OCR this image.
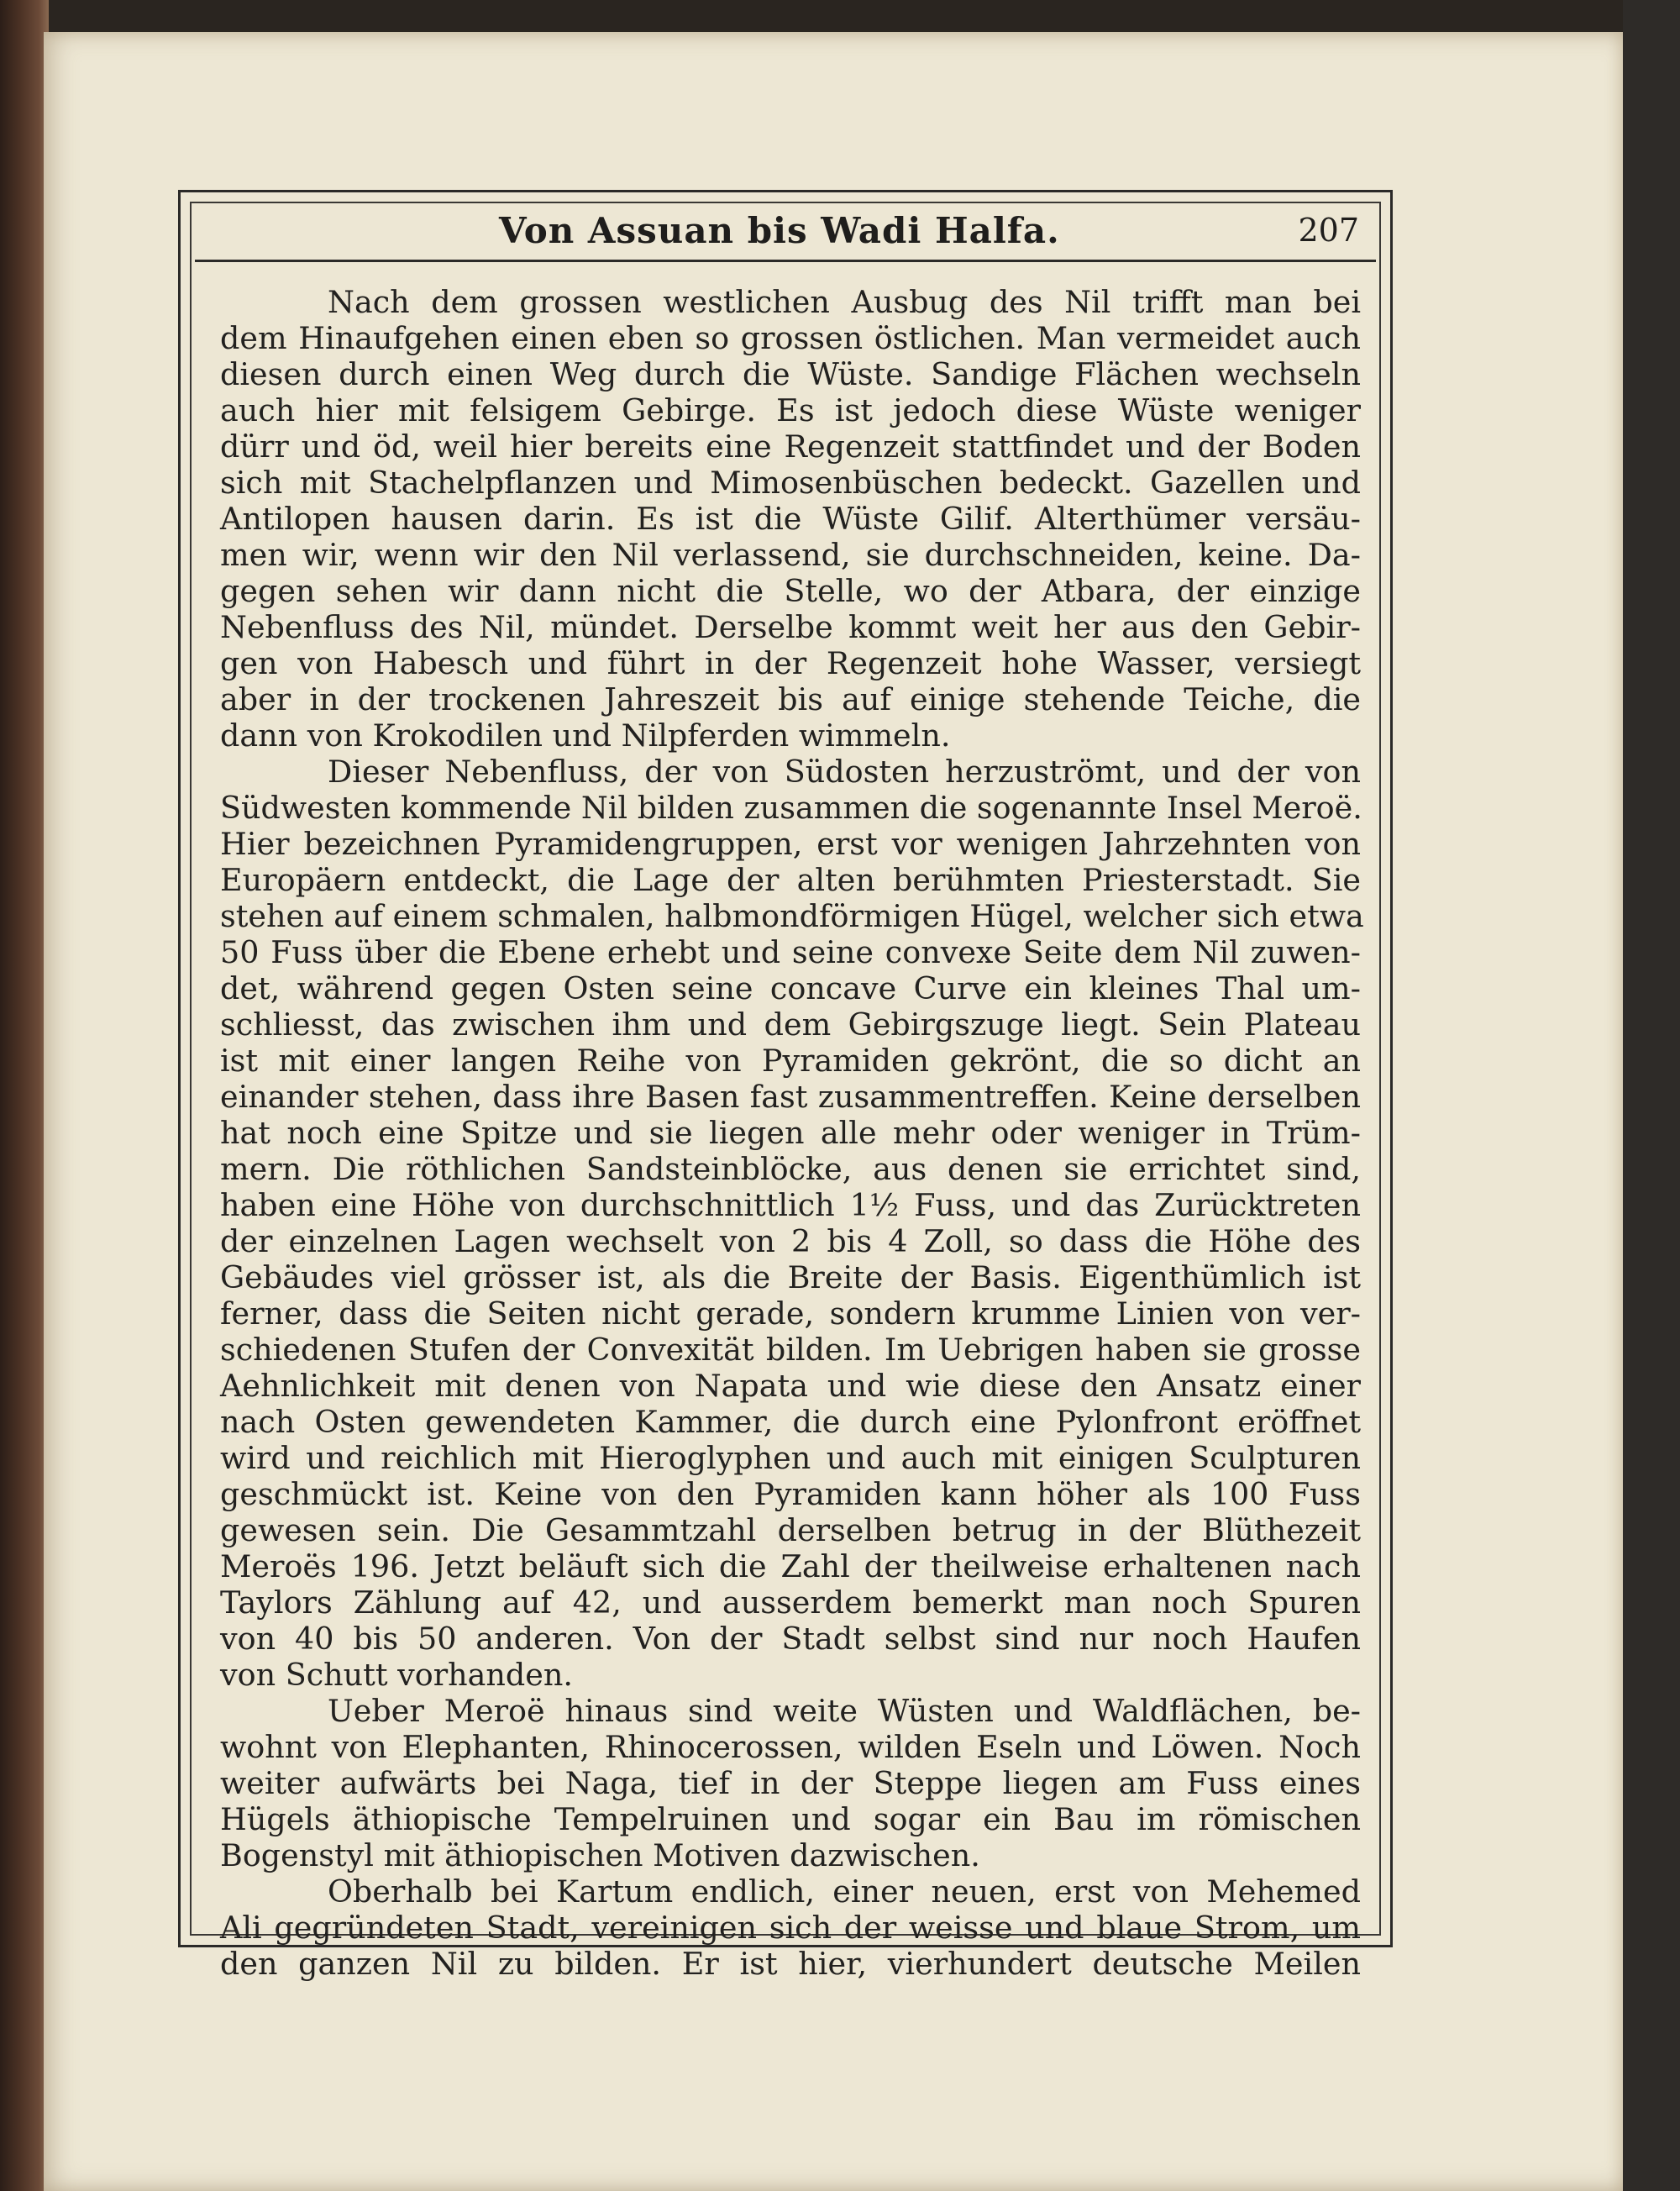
Von Assuan bis Wadi Halfa.	207
Nach dem grossen westlichen Ausbug des Nil trifft man bei
dem Hinaufgehen einen eben so grossen östlichen. Man vermeidet auch
diesen durch einen Weg durch die Wüste. Sandige Flächen wechseln
auch hier mit felsigem Gebirge. Es ist jedoch diese Wüste weniger
dürr und öd, weil hier bereits eine Regenzeit stattfindet und der Boden
sich mit Stachelpflanzen und Mimosenbüschen bedeckt. Gazellen und
Antilopen hausen darin. Es ist die Wüste Gilif. Alterthümer versäu-
men wir, wenn wir den Nil verlassend, sie durchschneiden, keine. Da-
gegen sehen wir dann nicht die Stelle, wo der Atbara, der einzige
Nebenfluss des Nil, mündet. Derselbe kommt weit her aus den Gebir-
gen von Habesch und führt in der Regenzeit hohe Wasser, versiegt
aber in der trockenen Jahreszeit bis auf einige stehende Teiche, die
dann von Krokodilen und Nilpferden wimmeln.
Dieser Nebenfluss, der von Südosten herzuströmt, und der von
Südwesten kommende Nil bilden zusammen die sogenannte Insel Meroë.
Hier bezeichnen Pyramidengruppen, erst vor wenigen Jahrzehnten von
Europäern entdeckt, die Lage der alten berühmten Priesterstadt. Sie
stehen auf einem schmalen, halbmondförmigen Hügel, welcher sich etwa
50 Fuss über die Ebene erhebt und seine convexe Seite dem Nil zuwen-
det, während gegen Osten seine concave Curve ein kleines Thal um-
schliesst, das zwischen ihm und dem Gebirgszuge liegt. Sein Plateau
ist mit einer langen Reihe von Pyramiden gekrönt, die so dicht an
einander stehen, dass ihre Basen fast zusammentreffen. Keine derselben
hat noch eine Spitze und sie liegen alle mehr oder weniger in Trüm-
mern. Die röthlichen Sandsteinblöcke, aus denen sie errichtet sind,
haben eine Höhe von durchschnittlich 1½ Fuss, und das Zurücktreten
der einzelnen Lagen wechselt von 2 bis 4 Zoll, so dass die Höhe des
Gebäudes viel grösser ist, als die Breite der Basis. Eigenthümlich ist
ferner, dass die Seiten nicht gerade, sondern krumme Linien von ver-
schiedenen Stufen der Convexität bilden. Im Uebrigen haben sie grosse
Aehnlichkeit mit denen von Napata und wie diese den Ansatz einer
nach Osten gewendeten Kammer, die durch eine Pylonfront eröffnet
wird und reichlich mit Hieroglyphen und auch mit einigen Sculpturen
geschmückt ist. Keine von den Pyramiden kann höher als 100 Fuss
gewesen sein. Die Gesammtzahl derselben betrug in der Blüthezeit
Meroës 196. Jetzt beläuft sich die Zahl der theilweise erhaltenen nach
Taylors Zählung auf 42, und ausserdem bemerkt man noch Spuren
von 40 bis 50 anderen. Von der Stadt selbst sind nur noch Haufen
von Schutt vorhanden.
Ueber Meroë hinaus sind weite Wüsten und Waldflächen, be-
wohnt von Elephanten, Rhinocerossen, wilden Eseln und Löwen. Noch
weiter aufwärts bei Naga, tief in der Steppe liegen am Fuss eines
Hügels äthiopische Tempelruinen und sogar ein Bau im römischen
Bogenstyl mit äthiopischen Motiven dazwischen.
Oberhalb bei Kartum endlich, einer neuen, erst von Mehemed
Ali gegründeten Stadt, vereinigen sich der weisse und blaue Strom, um
den ganzen Nil zu bilden. Er ist hier, vierhundert deutsche Meilen
